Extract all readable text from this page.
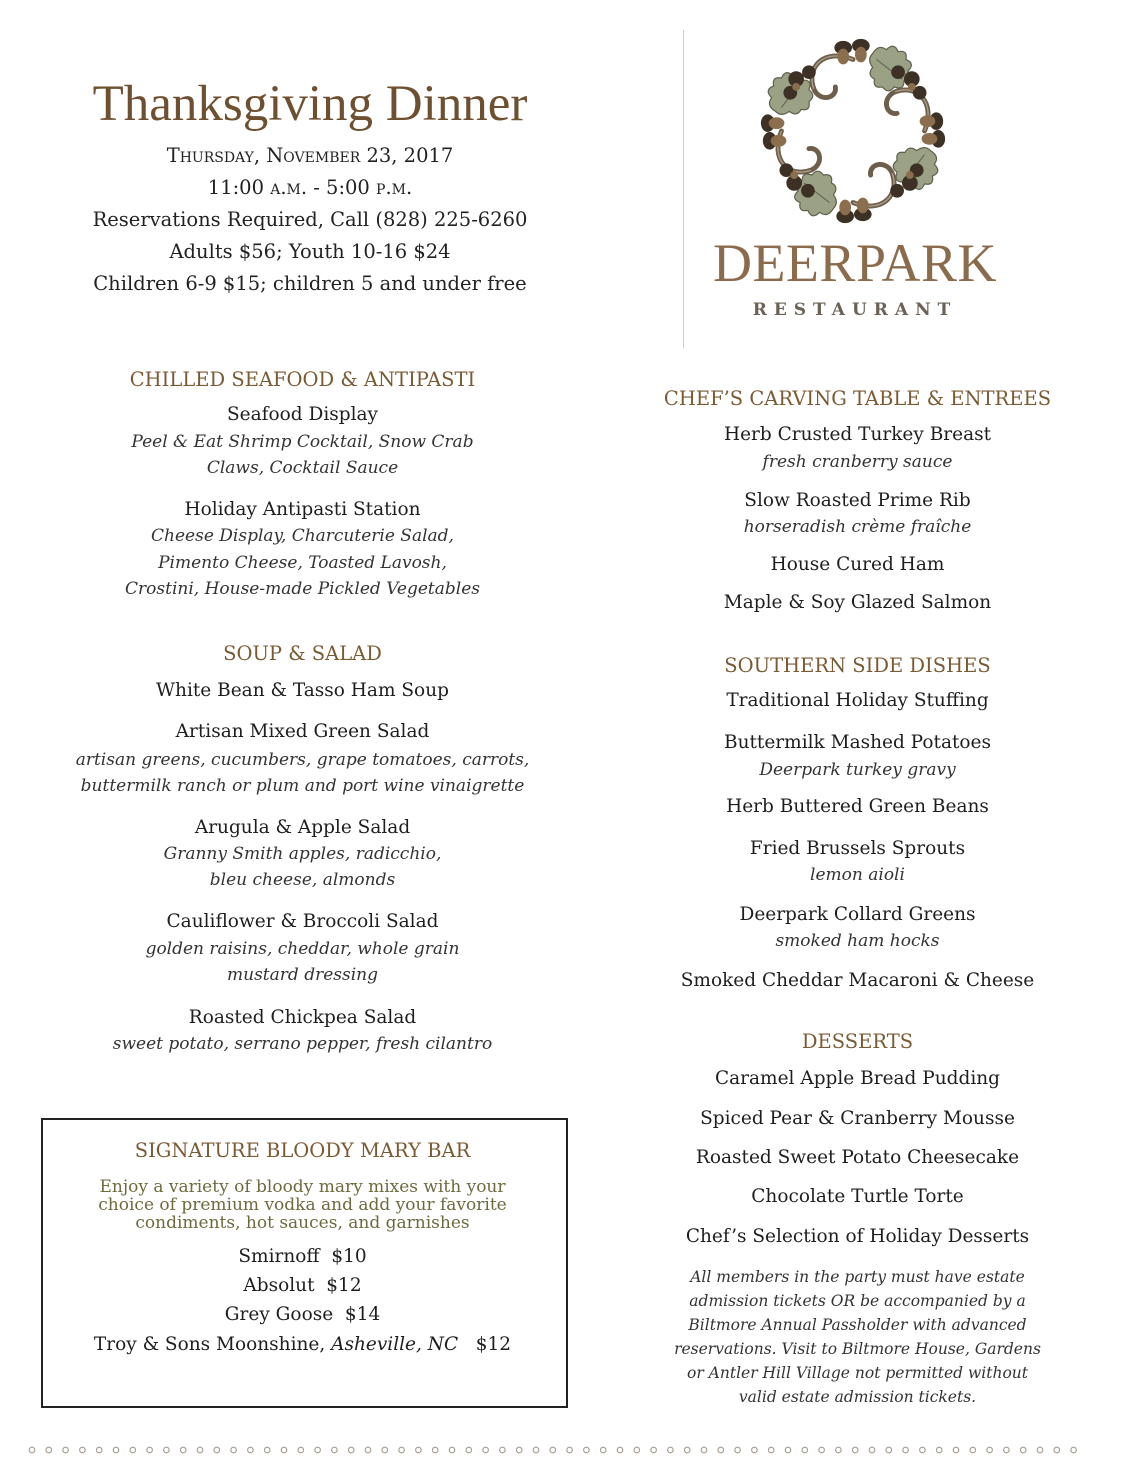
Thanksgiving Dinner
Thursday, November 23, 2017
11:00 a.m. - 5:00 p.m.
Reservations Required, Call (828) 225-6260
Adults $56; Youth 10-16 $24
Children 6-9 $15; children 5 and under free	DEERPARK
RESTAURANT
CHILLED SEAFOOD & ANTIPASTI
Seafood Display
Peel & Eat Shrimp Cocktail, Snow Crab
Claws, Cocktail Sauce
Holiday Antipasti Station
Cheese Display, Charcuterie Salad,
Pimento Cheese, Toasted Lavosh,
Crostini, House-made Pickled Vegetables
SOUP & SALAD
White Bean & Tasso Ham Soup
Artisan Mixed Green Salad
artisan greens, cucumbers, grape tomatoes, carrots,
buttermilk ranch or plum and port wine vinaigrette
Arugula & Apple Salad
Granny Smith apples, radicchio,
bleu cheese, almonds
Cauliflower & Broccoli Salad
golden raisins, cheddar, whole grain
mustard dressing
Roasted Chickpea Salad
sweet potato, serrano pepper, fresh cilantro
SIGNATURE BLOODY MARY BAR
Enjoy a variety of bloody mary mixes with your
choice of premium vodka and add your favorite
condiments, hot sauces, and garnishes
Smirnoff $10
Absolut $12
Grey Goose $14
Troy & Sons Moonshine, Asheville, NC $12
CHEF’S CARVING TABLE & ENTREES
Herb Crusted Turkey Breast
fresh cranberry sauce
Slow Roasted Prime Rib
horseradish crème fraîche
House Cured Ham
Maple & Soy Glazed Salmon
SOUTHERN SIDE DISHES
Traditional Holiday Stuffing
Buttermilk Mashed Potatoes
Deerpark turkey gravy
Herb Buttered Green Beans
Fried Brussels Sprouts
lemon aioli
Deerpark Collard Greens
smoked ham hocks
Smoked Cheddar Macaroni & Cheese
DESSERTS
Caramel Apple Bread Pudding
Spiced Pear & Cranberry Mousse
Roasted Sweet Potato Cheesecake
Chocolate Turtle Torte
Chef’s Selection of Holiday Desserts
All members in the party must have estate
admission tickets OR be accompanied by a
Biltmore Annual Passholder with advanced
reservations. Visit to Biltmore House, Gardens
or Antler Hill Village not permitted without
valid estate admission tickets.
